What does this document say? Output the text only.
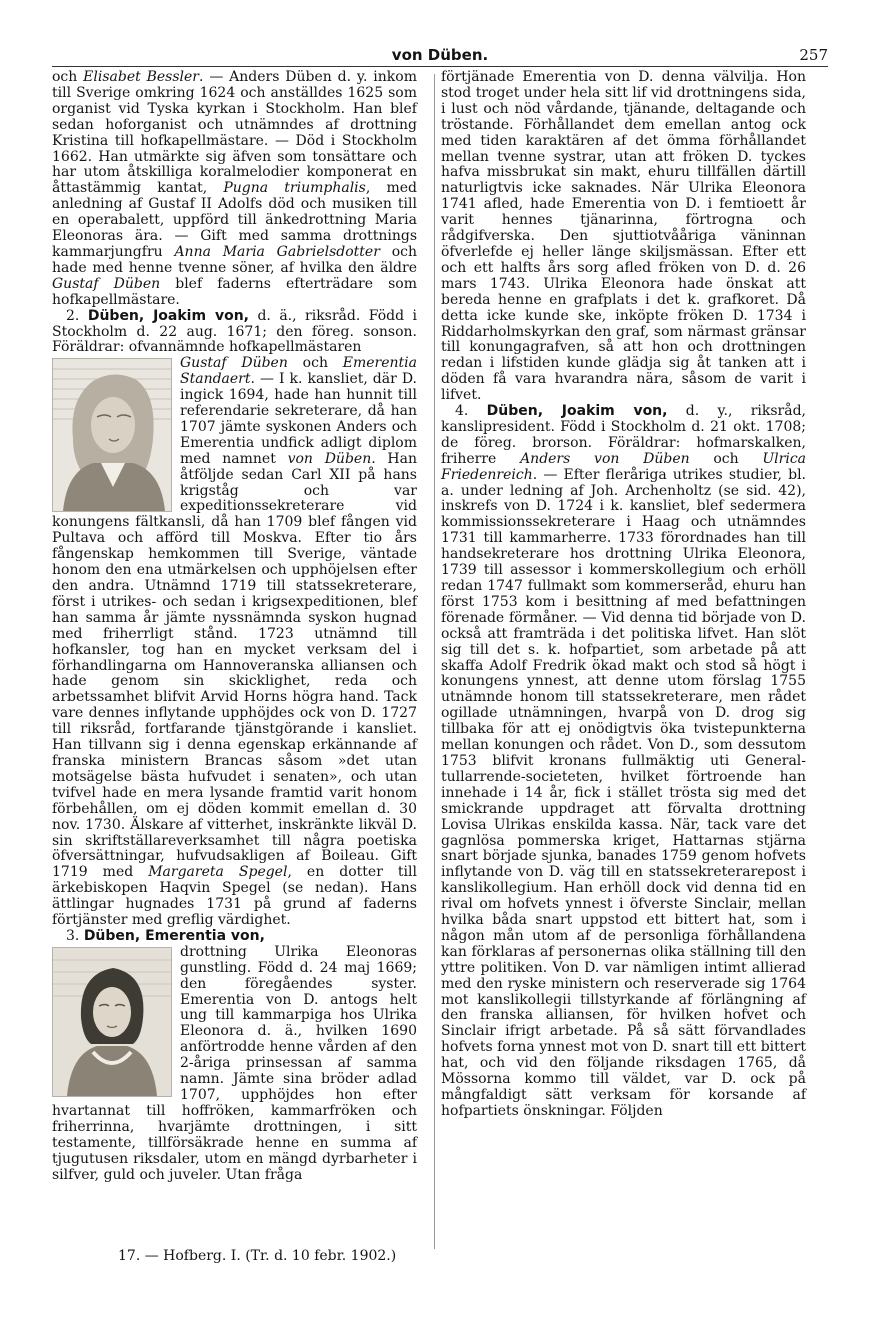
von Düben.	257

och Elisabet Bessler. — Anders Düben d. y. inkom till Sverige omkring 1624 och anställdes 1625 som organist vid Tyska kyrkan i Stockholm. Han blef sedan hoforganist och utnämndes af drottning Kristina till hofkapellmästare. — Död i Stockholm 1662. Han utmärkte sig äfven som tonsättare och har utom åtskilliga koralmelodier komponerat en åttastämmig kantat, Pugna triumphalis, med anledning af Gustaf II Adolfs död och musiken till en operabalett, uppförd till änkedrottning Maria Eleonoras ära. — Gift med samma drottnings kammarjungfru Anna Maria Gabrielsdotter och hade med henne tvenne söner, af hvilka den äldre Gustaf Düben blef faderns efterträdare som hofkapellmästare.

2. Düben, Joakim von, d. ä., riksråd. Född i Stockholm d. 22 aug. 1671; den föreg. sonson. Föräldrar: ofvannämnde hofkapellmästaren

Gustaf Düben och Emerentia Standaert. — I k. kansliet, där D. ingick 1694, hade han hunnit till referendarie sekreterare, då han 1707 jämte syskonen Anders och Emerentia undfick adligt diplom med namnet von Düben. Han åtföljde sedan Carl XII på hans krigståg och var expeditionssekreterare vid konungens fältkansli, då han 1709 blef fången vid Pultava och afförd till Moskva. Efter tio års fångenskap hemkommen till Sverige, väntade honom den ena utmärkelsen och upphöjelsen efter den andra. Utnämnd 1719 till statssekreterare, först i utrikes- och sedan i krigsexpeditionen, blef han samma år jämte nyssnämnda syskon hugnad med friherrligt stånd. 1723 utnämnd till hofkansler, tog han en mycket verksam del i förhandlingarna om Hannoveranska alliansen och hade genom sin skicklighet, reda och arbetssamhet blifvit Arvid Horns högra hand. Tack vare dennes inflytande upphöjdes ock von D. 1727 till riksråd, fortfarande tjänstgörande i kansliet. Han tillvann sig i denna egenskap erkännande af franska ministern Brancas såsom »det utan motsägelse bästa hufvudet i senaten», och utan tvifvel hade en mera lysande framtid varit honom förbehållen, om ej döden kommit emellan d. 30 nov. 1730. Älskare af vitterhet, inskränkte likväl D. sin skriftställareverksamhet till några poetiska öfversättningar, hufvudsakligen af Boileau. Gift 1719 med Margareta Spegel, en dotter till ärkebiskopen Haqvin Spegel (se nedan). Hans ättlingar hugnades 1731 på grund af faderns förtjänster med greflig värdighet.

3. Düben, Emerentia von,

drottning Ulrika Eleonoras gunstling. Född d. 24 maj 1669; den föregåendes syster. Emerentia von D. antogs helt ung till kammarpiga hos Ulrika Eleonora d. ä., hvilken 1690 anförtrodde henne vården af den 2-åriga prinsessan af samma namn. Jämte sina bröder adlad 1707, upphöjdes hon efter hvartannat till hoffröken, kammarfröken och friherrinna, hvarjämte drottningen, i sitt testamente, tillförsäkrade henne en summa af tjugutusen riksdaler, utom en mängd dyrbarheter i silfver, guld och juveler. Utan fråga

förtjänade Emerentia von D. denna välvilja. Hon stod troget under hela sitt lif vid drottningens sida, i lust och nöd vårdande, tjänande, deltagande och tröstande. Förhållandet dem emellan antog ock med tiden karaktären af det ömma förhållandet mellan tvenne systrar, utan att fröken D. tyckes hafva missbrukat sin makt, ehuru tillfällen därtill naturligtvis icke saknades. När Ulrika Eleonora 1741 afled, hade Emerentia von D. i femtioett år varit hennes tjänarinna, förtrogna och rådgifverska. Den sjuttiotvååriga väninnan öfverlefde ej heller länge skiljsmässan. Efter ett och ett halfts års sorg afled fröken von D. d. 26 mars 1743. Ulrika Eleonora hade önskat att bereda henne en grafplats i det k. grafkoret. Då detta icke kunde ske, inköpte fröken D. 1734 i Riddarholmskyrkan den graf, som närmast gränsar till konungagrafven, så att hon och drottningen redan i lifstiden kunde glädja sig åt tanken att i döden få vara hvarandra nära, såsom de varit i lifvet.

4. Düben, Joakim von, d. y., riksråd, kanslipresident. Född i Stockholm d. 21 okt. 1708; de föreg. brorson. Föräldrar: hofmarskalken, friherre Anders von Düben och Ulrica Friedenreich. — Efter fleråriga utrikes studier, bl. a. under ledning af Joh. Archenholtz (se sid. 42), inskrefs von D. 1724 i k. kansliet, blef sedermera kommissionssekreterare i Haag och utnämndes 1731 till kammarherre. 1733 förordnades han till handsekreterare hos drottning Ulrika Eleonora, 1739 till assessor i kommerskollegium och erhöll redan 1747 fullmakt som kommerseråd, ehuru han först 1753 kom i besittning af med befattningen förenade förmåner. — Vid denna tid började von D. också att framträda i det politiska lifvet. Han slöt sig till det s. k. hofpartiet, som arbetade på att skaffa Adolf Fredrik ökad makt och stod så högt i konungens ynnest, att denne utom förslag 1755 utnämnde honom till statssekreterare, men rådet ogillade utnämningen, hvarpå von D. drog sig tillbaka för att ej onödigtvis öka tvistepunkterna mellan konungen och rådet. Von D., som dessutom 1753 blifvit kronans fullmäktig uti General-tullarrende-societeten, hvilket förtroende han innehade i 14 år, fick i stället trösta sig med det smickrande uppdraget att förvalta drottning Lovisa Ulrikas enskilda kassa. När, tack vare det gagnlösa pommerska kriget, Hattarnas stjärna snart började sjunka, banades 1759 genom hofvets inflytande von D. väg till en statssekreterarepost i kanslikollegium. Han erhöll dock vid denna tid en rival om hofvets ynnest i öfverste Sinclair, mellan hvilka båda snart uppstod ett bittert hat, som i någon mån utom af de personliga förhållandena kan förklaras af personernas olika ställning till den yttre politiken. Von D. var nämligen intimt allierad med den ryske ministern och reserverade sig 1764 mot kanslikollegii tillstyrkande af förlängning af den franska alliansen, för hvilken hofvet och Sinclair ifrigt arbetade. På så sätt förvandlades hofvets forna ynnest mot von D. snart till ett bittert hat, och vid den följande riksdagen 1765, då Mössorna kommo till väldet, var D. ock på mångfaldigt sätt verksam för korsande af hofpartiets önskningar. Följden

17. — Hofberg. I. (Tr. d. 10 febr. 1902.)
